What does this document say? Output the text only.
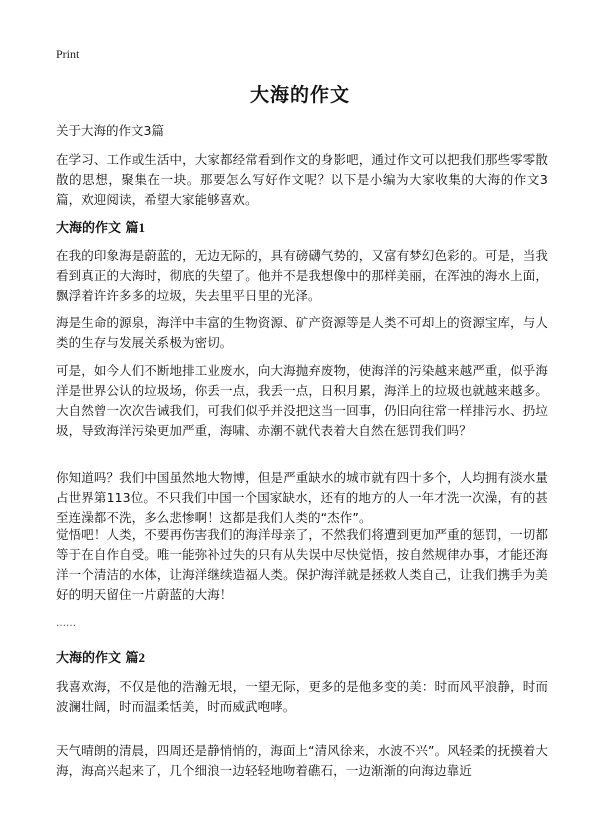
Print
大海的作文
关于大海的作文3篇

在学习、工作或生活中，大家都经常看到作文的身影吧，通过作文可以把我们那些零零散散的思想，聚集在一块。那要怎么写好作文呢？以下是小编为大家收集的大海的作文3篇，欢迎阅读，希望大家能够喜欢。

大海的作文 篇1

在我的印象海是蔚蓝的，无边无际的，具有磅礴气势的，又富有梦幻色彩的。可是，当我看到真正的大海时，彻底的失望了。他并不是我想像中的那样美丽，在浑浊的海水上面，飘浮着许许多多的垃圾，失去里平日里的光泽。

海是生命的源泉，海洋中丰富的生物资源、矿产资源等是人类不可却上的资源宝库，与人类的生存与发展关系极为密切。

可是，如今人们不断地排工业废水，向大海抛弃废物，使海洋的污染越来越严重，似乎海洋是世界公认的垃圾场，你丢一点，我丢一点，日积月累，海洋上的垃圾也就越来越多。大自然曾一次次告诫我们，可我们似乎并没把这当一回事，仍旧向往常一样排污水、扔垃圾，导致海洋污染更加严重，海啸、赤潮不就代表着大自然在惩罚我们吗？

你知道吗？我们中国虽然地大物博，但是严重缺水的城市就有四十多个，人均拥有淡水量占世界第113位。不只我们中国一个国家缺水，还有的地方的人一年才洗一次澡，有的甚至连澡都不洗，多么悲惨啊！这都是我们人类的“杰作”。

觉悟吧！人类，不要再伤害我们的海洋母亲了，不然我们将遭到更加严重的惩罚，一切都等于在自作自受。唯一能弥补过失的只有从失误中尽快觉悟，按自然规律办事，才能还海洋一个清洁的水体，让海洋继续造福人类。保护海洋就是拯救人类自己，让我们携手为美好的明天留住一片蔚蓝的大海！

……
大海的作文 篇2

我喜欢海，不仅是他的浩瀚无垠，一望无际，更多的是他多变的美：时而风平浪静，时而波澜壮阔，时而温柔恬美，时而威武咆哮。

天气晴朗的清晨，四周还是静悄悄的，海面上“清风徐来，水波不兴”。风轻柔的抚摸着大海，海高兴起来了，几个细浪一边轻轻地吻着礁石，一边渐渐的向海边靠近
